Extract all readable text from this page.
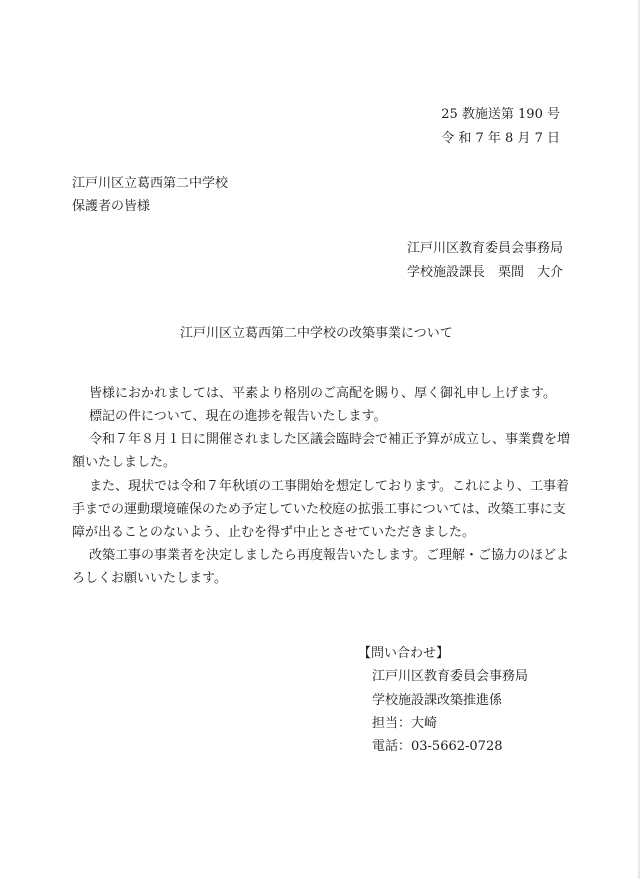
25 教施送第 190 号
令 和 7 年 8 月 7 日
江戸川区立葛西第二中学校
保護者の皆様
江戸川区教育委員会事務局
学校施設課長　栗間　大介
江戸川区立葛西第二中学校の改築事業について
皆様におかれましては、平素より格別のご高配を賜り、厚く御礼申し上げます。
標記の件について、現在の進捗を報告いたします。
令和７年８月１日に開催されました区議会臨時会で補正予算が成立し、事業費を増
額いたしました。
また、現状では令和７年秋頃の工事開始を想定しております。これにより、工事着
手までの運動環境確保のため予定していた校庭の拡張工事については、改築工事に支
障が出ることのないよう、止むを得ず中止とさせていただきました。
改築工事の事業者を決定しましたら再度報告いたします。ご理解・ご協力のほどよ
ろしくお願いいたします。
【問い合わせ】
江戸川区教育委員会事務局
学校施設課改築推進係
担当：大崎
電話：03-5662-0728
